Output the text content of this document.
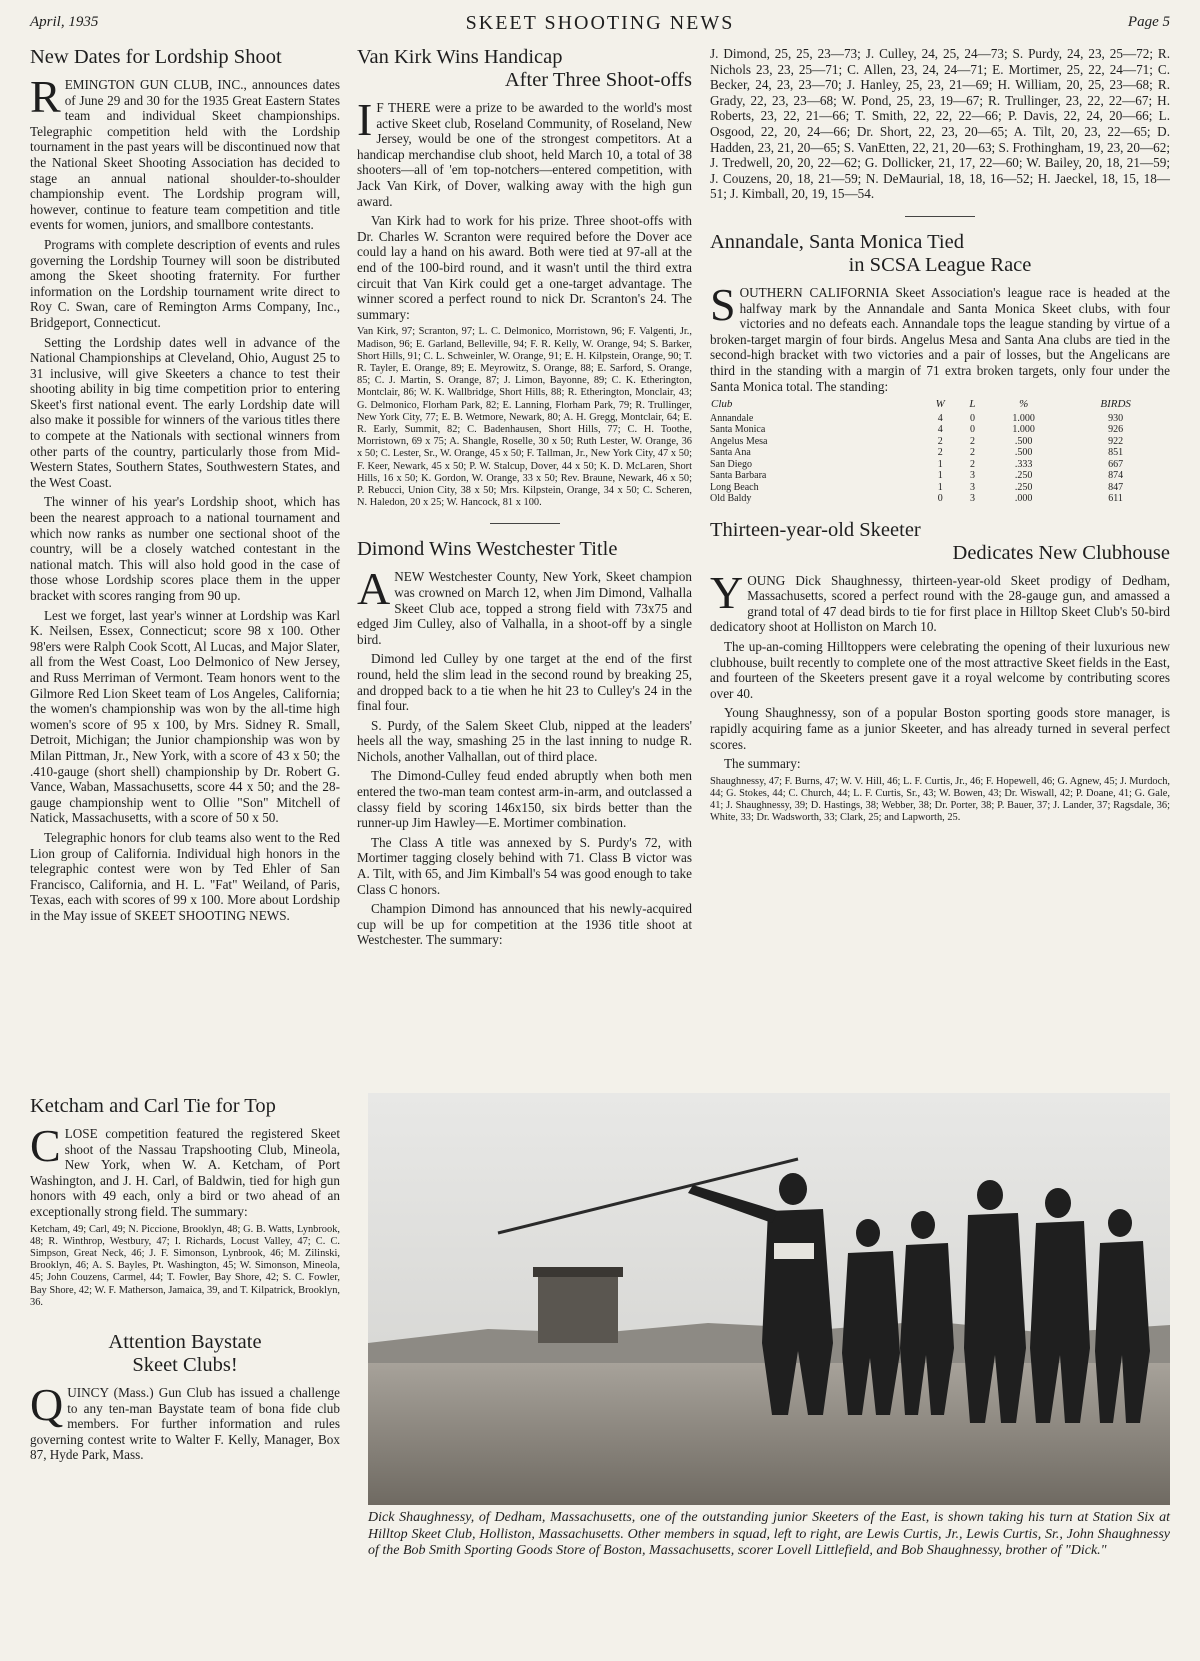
April, 1935	SKEET SHOOTING NEWS	Page 5
New Dates for Lordship Shoot

REMINGTON GUN CLUB, INC., announces dates of June 29 and 30 for the 1935 Great Eastern States team and individual Skeet championships. Telegraphic competition held with the Lordship tournament in the past years will be discontinued now that the National Skeet Shooting Association has decided to stage an annual national shoulder-to-shoulder championship event. The Lordship program will, however, continue to feature team competition and title events for women, juniors, and smallbore contestants.

Programs with complete description of events and rules governing the Lordship Tourney will soon be distributed among the Skeet shooting fraternity. For further information on the Lordship tournament write direct to Roy C. Swan, care of Remington Arms Company, Inc., Bridgeport, Connecticut.

Setting the Lordship dates well in advance of the National Championships at Cleveland, Ohio, August 25 to 31 inclusive, will give Skeeters a chance to test their shooting ability in big time competition prior to entering Skeet's first national event. The early Lordship date will also make it possible for winners of the various titles there to compete at the Nationals with sectional winners from other parts of the country, particularly those from Mid-Western States, Southern States, Southwestern States, and the West Coast.

The winner of his year's Lordship shoot, which has been the nearest approach to a national tournament and which now ranks as number one sectional shoot of the country, will be a closely watched contestant in the national match. This will also hold good in the case of those whose Lordship scores place them in the upper bracket with scores ranging from 90 up.

Lest we forget, last year's winner at Lordship was Karl K. Neilsen, Essex, Connecticut; score 98 x 100. Other 98'ers were Ralph Cook Scott, Al Lucas, and Major Slater, all from the West Coast, Loo Delmonico of New Jersey, and Russ Merriman of Vermont. Team honors went to the Gilmore Red Lion Skeet team of Los Angeles, California; the women's championship was won by the all-time high women's score of 95 x 100, by Mrs. Sidney R. Small, Detroit, Michigan; the Junior championship was won by Milan Pittman, Jr., New York, with a score of 43 x 50; the .410-gauge (short shell) championship by Dr. Robert G. Vance, Waban, Massachusetts, score 44 x 50; and the 28-gauge championship went to Ollie "Son" Mitchell of Natick, Massachusetts, with a score of 50 x 50.

Telegraphic honors for club teams also went to the Red Lion group of California. Individual high honors in the telegraphic contest were won by Ted Ehler of San Francisco, California, and H. L. "Fat" Weiland, of Paris, Texas, each with scores of 99 x 100. More about Lordship in the May issue of SKEET SHOOTING NEWS.

Ketcham and Carl Tie for Top

CLOSE competition featured the registered Skeet shoot of the Nassau Trapshooting Club, Mineola, New York, when W. A. Ketcham, of Port Washington, and J. H. Carl, of Baldwin, tied for high gun honors with 49 each, only a bird or two ahead of an exceptionally strong field. The summary:

Ketcham, 49; Carl, 49; N. Piccione, Brooklyn, 48; G. B. Watts, Lynbrook, 48; R. Winthrop, Westbury, 47; I. Richards, Locust Valley, 47; C. C. Simpson, Great Neck, 46; J. F. Simonson, Lynbrook, 46; M. Zilinski, Brooklyn, 46; A. S. Bayles, Pt. Washington, 45; W. Simonson, Mineola, 45; John Couzens, Carmel, 44; T. Fowler, Bay Shore, 42; S. C. Fowler, Bay Shore, 42; W. F. Matherson, Jamaica, 39, and T. Kilpatrick, Brooklyn, 36.
Attention Baystate
Skeet Clubs!

QUINCY (Mass.) Gun Club has issued a challenge to any ten-man Baystate team of bona fide club members. For further information and rules governing contest write to Walter F. Kelly, Manager, Box 87, Hyde Park, Mass.

Van Kirk Wins Handicap
After Three Shoot-offs

I F THERE were a prize to be awarded to the world's most active Skeet club, Roseland Community, of Roseland, New Jersey, would be one of the strongest competitors. At a handicap merchandise club shoot, held March 10, a total of 38 shooters—all of 'em top-notchers—entered competition, with Jack Van Kirk, of Dover, walking away with the high gun award.

Van Kirk had to work for his prize. Three shoot-offs with Dr. Charles W. Scranton were required before the Dover ace could lay a hand on his award. Both were tied at 97-all at the end of the 100-bird round, and it wasn't until the third extra circuit that Van Kirk could get a one-target advantage. The winner scored a perfect round to nick Dr. Scranton's 24. The summary:

Van Kirk, 97; Scranton, 97; L. C. Delmonico, Morristown, 96; F. Valgenti, Jr., Madison, 96; E. Garland, Belleville, 94; F. R. Kelly, W. Orange, 94; S. Barker, Short Hills, 91; C. L. Schweinler, W. Orange, 91; E. H. Kilpstein, Orange, 90; T. R. Tayler, E. Orange, 89; E. Meyrowitz, S. Orange, 88; E. Sarford, S. Orange, 85; C. J. Martin, S. Orange, 87; J. Limon, Bayonne, 89; C. K. Etherington, Montclair, 86; W. K. Wallbridge, Short Hills, 88; R. Etherington, Monclair, 43; G. Delmonico, Florham Park, 82; E. Lanning, Florham Park, 79; R. Trullinger, New York City, 77; E. B. Wetmore, Newark, 80; A. H. Gregg, Montclair, 64; E. R. Early, Summit, 82; C. Badenhausen, Short Hills, 77; C. H. Toothe, Morristown, 69 x 75; A. Shangle, Roselle, 30 x 50; Ruth Lester, W. Orange, 36 x 50; C. Lester, Sr., W. Orange, 45 x 50; F. Tallman, Jr., New York City, 47 x 50; F. Keer, Newark, 45 x 50; P. W. Stalcup, Dover, 44 x 50; K. D. McLaren, Short Hills, 16 x 50; K. Gordon, W. Orange, 33 x 50; Rev. Braune, Newark, 46 x 50; P. Rebucci, Union City, 38 x 50; Mrs. Kilpstein, Orange, 34 x 50; C. Scheren, N. Haledon, 20 x 25; W. Hancock, 81 x 100.
Dimond Wins Westchester Title

ANEW Westchester County, New York, Skeet champion was crowned on March 12, when Jim Dimond, Valhalla Skeet Club ace, topped a strong field with 73x75 and edged Jim Culley, also of Valhalla, in a shoot-off by a single bird.

Dimond led Culley by one target at the end of the first round, held the slim lead in the second round by breaking 25, and dropped back to a tie when he hit 23 to Culley's 24 in the final four.

S. Purdy, of the Salem Skeet Club, nipped at the leaders' heels all the way, smashing 25 in the last inning to nudge R. Nichols, another Valhallan, out of third place.

The Dimond-Culley feud ended abruptly when both men entered the two-man team contest arm-in-arm, and outclassed a classy field by scoring 146x150, six birds better than the runner-up Jim Hawley—E. Mortimer combination.

The Class A title was annexed by S. Purdy's 72, with Mortimer tagging closely behind with 71. Class B victor was A. Tilt, with 65, and Jim Kimball's 54 was good enough to take Class C honors.

Champion Dimond has announced that his newly-acquired cup will be up for competition at the 1936 title shoot at Westchester. The summary:

J. Dimond, 25, 25, 23—73; J. Culley, 24, 25, 24—73; S. Purdy, 24, 23, 25—72; R. Nichols 23, 23, 25—71; C. Allen, 23, 24, 24—71; E. Mortimer, 25, 22, 24—71; C. Becker, 24, 23, 23—70; J. Hanley, 25, 23, 21—69; H. William, 20, 25, 23—68; R. Grady, 22, 23, 23—68; W. Pond, 25, 23, 19—67; R. Trullinger, 23, 22, 22—67; H. Roberts, 23, 22, 21—66; T. Smith, 22, 22, 22—66; P. Davis, 22, 24, 20—66; L. Osgood, 22, 20, 24—66; Dr. Short, 22, 23, 20—65; A. Tilt, 20, 23, 22—65; D. Hadden, 23, 21, 20—65; S. VanEtten, 22, 21, 20—63; S. Frothingham, 19, 23, 20—62; J. Tredwell, 20, 20, 22—62; G. Dollicker, 21, 17, 22—60; W. Bailey, 20, 18, 21—59; J. Couzens, 20, 18, 21—59; N. DeMaurial, 18, 18, 16—52; H. Jaeckel, 18, 15, 18—51; J. Kimball, 20, 19, 15—54.

Annandale, Santa Monica Tied
in SCSA League Race

SOUTHERN CALIFORNIA Skeet Association's league race is headed at the halfway mark by the Annandale and Santa Monica Skeet clubs, with four victories and no defeats each. Annandale tops the league standing by virtue of a broken-target margin of four birds. Angelus Mesa and Santa Ana clubs are tied in the second-high bracket with two victories and a pair of losses, but the Angelicans are third in the standing with a margin of 71 extra broken targets, only four under the Santa Monica total. The standing:

Club	W	L	%	BIRDS
Annandale	4	0	1.000	930
Santa Monica	4	0	1.000	926
Angelus Mesa	2	2	.500	922
Santa Ana	2	2	.500	851
San Diego	1	2	.333	667
Santa Barbara	1	3	.250	874
Long Beach	1	3	.250	847
Old Baldy	0	3	.000	611
Thirteen-year-old Skeeter
Dedicates New Clubhouse

YOUNG Dick Shaughnessy, thirteen-year-old Skeet prodigy of Dedham, Massachusetts, scored a perfect round with the 28-gauge gun, and amassed a grand total of 47 dead birds to tie for first place in Hilltop Skeet Club's 50-bird dedicatory shoot at Holliston on March 10.

The up-an-coming Hilltoppers were celebrating the opening of their luxurious new clubhouse, built recently to complete one of the most attractive Skeet fields in the East, and fourteen of the Skeeters present gave it a royal welcome by contributing scores over 40.

Young Shaughnessy, son of a popular Boston sporting goods store manager, is rapidly acquiring fame as a junior Skeeter, and has already turned in several perfect scores.

The summary:

Shaughnessy, 47; F. Burns, 47; W. V. Hill, 46; L. F. Curtis, Jr., 46; F. Hopewell, 46; G. Agnew, 45; J. Murdoch, 44; G. Stokes, 44; C. Church, 44; L. F. Curtis, Sr., 43; W. Bowen, 43; Dr. Wiswall, 42; P. Doane, 41; G. Gale, 41; J. Shaughnessy, 39; D. Hastings, 38; Webber, 38; Dr. Porter, 38; P. Bauer, 37; J. Lander, 37; Ragsdale, 36; White, 33; Dr. Wadsworth, 33; Clark, 25; and Lapworth, 25.
Dick Shaughnessy, of Dedham, Massachusetts, one of the outstanding junior Skeeters of the East, is shown taking his turn at Station Six at Hilltop Skeet Club, Holliston, Massachusetts. Other members in squad, left to right, are Lewis Curtis, Jr., Lewis Curtis, Sr., John Shaughnessy of the Bob Smith Sporting Goods Store of Boston, Massachusetts, scorer Lovell Littlefield, and Bob Shaughnessy, brother of "Dick."
